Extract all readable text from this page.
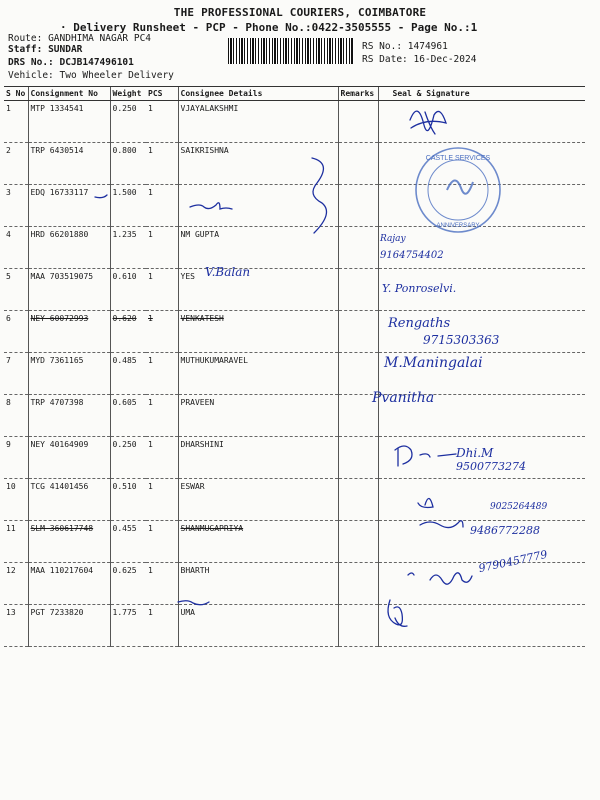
THE PROFESSIONAL COURIERS, COIMBATORE
· Delivery Runsheet - PCP - Phone No.:0422-3505555 - Page No.:1
Route: GANDHIMA NAGAR PC4
Staff: SUNDAR
DRS No.: DCJB147496101
Vehicle: Two Wheeler Delivery
RS No.: 1474961
RS Date: 16-Dec-2024
S No	Consignment No	Weight	PCS	Consignee Details	Remarks	Seal & Signature
1	MTP 1334541	0.250	1	VJAYALAKSHMI		
2	TRP 6430514	0.800	1	SAIKRISHNA		
3	EDQ 16733117	1.500	1			
4	HRD 66201880	1.235	1	NM GUPTA		
5	MAA 703519075	0.610	1	YES		
6	NEY 60072993	0.620	1	VENKATESH		
7	MYD 7361165	0.485	1	MUTHUKUMARAVEL		
8	TRP 4707398	0.605	1	PRAVEEN		
9	NEY 40164909	0.250	1	DHARSHINI		
10	TCG 41401456	0.510	1	ESWAR		
11	SLM 360617748	0.455	1	SHANMUGAPRIYA		
12	MAA 110217604	0.625	1	BHARTH		
13	PGT 7233820	1.775	1	UMA		
CASTLE SERVICES
ANNIVERSARY
Rajay
9164754402
V.Balan
Y. Ponroselvi.
Rengaths
9715303363
M.Maningalai
Pvanitha
Dhi.M
9500773274
9025264489
9486772288
9790457779
